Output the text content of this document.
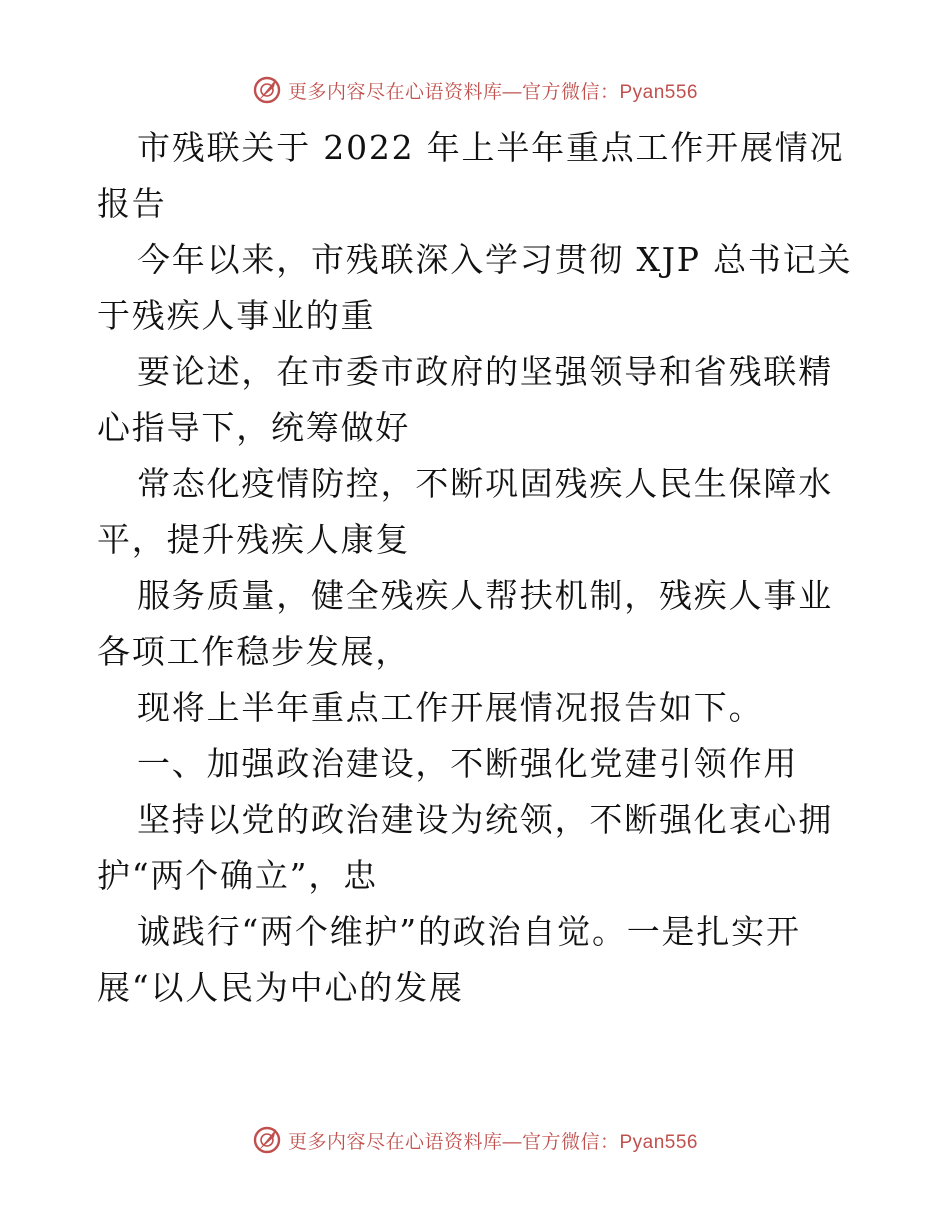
更多内容尽在心语资料库—官方微信：Pyan556

市残联关于 2022 年上半年重点工作开展情况报告

今年以来，市残联深入学习贯彻 XJP 总书记关于残疾人事业的重

要论述，在市委市政府的坚强领导和省残联精心指导下，统筹做好

常态化疫情防控，不断巩固残疾人民生保障水平，提升残疾人康复

服务质量，健全残疾人帮扶机制，残疾人事业各项工作稳步发展，

现将上半年重点工作开展情况报告如下。

一、加强政治建设，不断强化党建引领作用

坚持以党的政治建设为统领，不断强化衷心拥护“两个确立”，忠

诚践行“两个维护”的政治自觉。一是扎实开展“以人民为中心的发展

更多内容尽在心语资料库—官方微信：Pyan556
